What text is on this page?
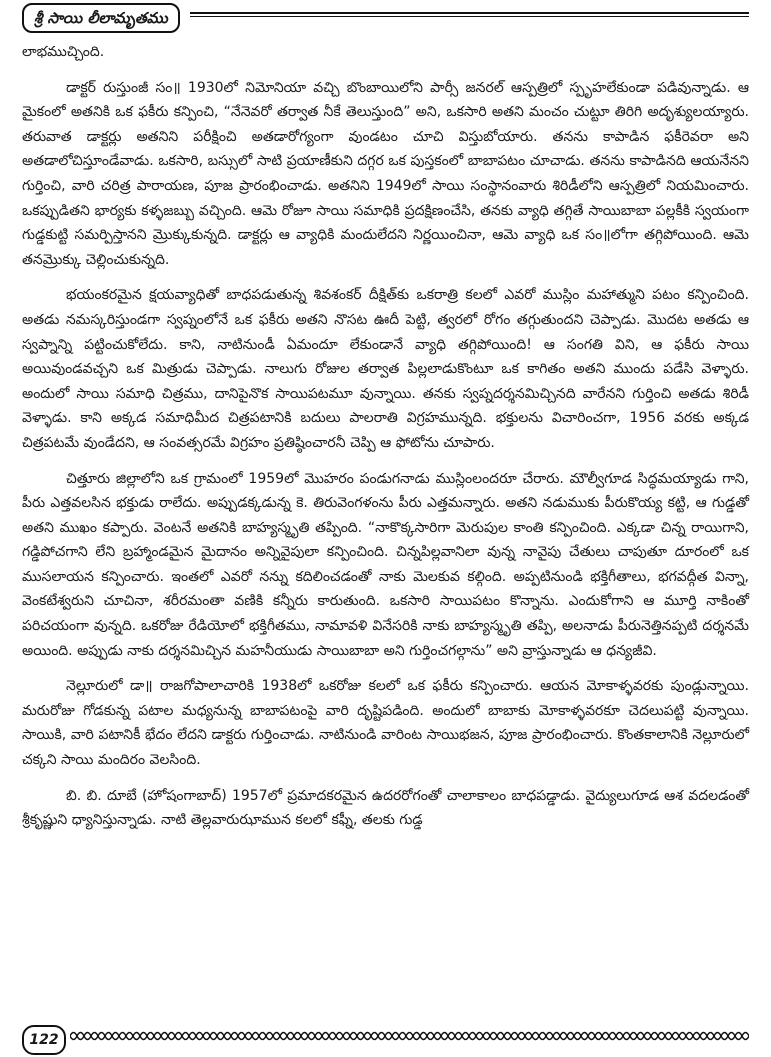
శ్రీ సాయి లీలామృతము

లాభముచ్చింది.

డాక్టర్ రుస్తుంజీ సం॥ 1930లో నిమోనియా వచ్చి బొంబాయిలోని పార్సీ జనరల్ ఆస్పత్రిలో స్పృహలేకుండా పడివున్నాడు. ఆ మైకంలో అతనికి ఒక ఫకీరు కన్పించి, “నేనెవరో తర్వాత నీకే తెలుస్తుంది” అని, ఒకసారి అతని మంచం చుట్టూ తిరిగి అదృశ్యులయ్యారు. తరువాత డాక్టర్లు అతనిని పరీక్షించి అతడారోగ్యంగా వుండటం చూచి విస్తుబోయారు. తనను కాపాడిన ఫకీరెవరా అని అతడాలోచిస్తూండేవాడు. ఒకసారి, బస్సులో సాటి ప్రయాణీకుని దగ్గర ఒక పుస్తకంలో బాబాపటం చూచాడు. తనను కాపాడినది ఆయనేనని గుర్తించి, వారి చరిత్ర పారాయణ, పూజ ప్రారంభించాడు. అతనిని 1949లో సాయి సంస్థానంవారు శిరిడీలోని ఆస్పత్రిలో నియమించారు. ఒకప్పుడితని భార్యకు కళ్ళజబ్బు వచ్చింది. ఆమె రోజూ సాయి సమాధికి ప్రదక్షిణంచేసి, తనకు వ్యాధి తగ్గితే సాయిబాబా పల్లకీకి స్వయంగా గుడ్డకుట్టి సమర్పిస్తానని మ్రొక్కుకున్నది. డాక్టర్లు ఆ వ్యాధికి మందులేదని నిర్ణయించినా, ఆమె వ్యాధి ఒక సం॥లోగా తగ్గిపోయింది. ఆమె తనమ్రొక్కు చెల్లించుకున్నది.

భయంకరమైన క్షయవ్యాధితో బాధపడుతున్న శివశంకర్ దీక్షిత్‌కు ఒకరాత్రి కలలో ఎవరో ముస్లిం మహాత్ముని పటం కన్పించింది. అతడు నమస్కరిస్తుండగా స్వప్నంలోనే ఒక ఫకీరు అతని నొసట ఊదీ పెట్టి, త్వరలో రోగం తగ్గుతుందని చెప్పాడు. మొదట అతడు ఆ స్వప్నాన్ని పట్టించుకోలేదు. కాని, నాటినుండీ ఏమందూ లేకుండానే వ్యాధి తగ్గిపోయింది! ఆ సంగతి విని, ఆ ఫకీరు సాయి అయివుండవచ్చని ఒక మిత్రుడు చెప్పాడు. నాలుగు రోజుల తర్వాత పిల్లలాడుకొంటూ ఒక కాగితం అతని ముందు పడేసి వెళ్ళారు. అందులో సాయి సమాధి చిత్రము, దానిపైనొక సాయిపటమూ వున్నాయి. తనకు స్వప్నదర్శనమిచ్చినది వారేనని గుర్తించి అతడు శిరిడీ వెళ్ళాడు. కాని అక్కడ సమాధిమీద చిత్రపటానికి బదులు పాలరాతి విగ్రహమున్నది. భక్తులను విచారించగా, 1956 వరకు అక్కడ చిత్రపటమే వుండేదని, ఆ సంవత్సరమే విగ్రహం ప్రతిష్ఠించారనీ చెప్పి ఆ ఫోటోను చూపారు.

చిత్తూరు జిల్లాలోని ఒక గ్రామంలో 1959లో మొహరం పండుగనాడు ముస్లింలందరూ చేరారు. మౌల్వీగూడ సిద్ధమయ్యాడు గాని, పీరు ఎత్తవలసిన భక్తుడు రాలేదు. అప్పుడక్కడున్న కె. తిరువెంగళంను పీరు ఎత్తమన్నారు. అతని నడుముకు పీరుకొయ్య కట్టి, ఆ గుడ్డతో అతని ముఖం కప్పారు. వెంటనే అతనికి బాహ్యస్మృతి తప్పింది. “నాకొక్కసారిగా మెరుపుల కాంతి కన్పించింది. ఎక్కడా చిన్న రాయిగాని, గడ్డిపోచగాని లేని బ్రహ్మాండమైన మైదానం అన్నివైపులా కన్పించింది. చిన్నపిల్లవానిలా వున్న నావైపు చేతులు చాపుతూ దూరంలో ఒక ముసలాయన కన్పించారు. ఇంతలో ఎవరో నన్ను కదిలించడంతో నాకు మెలకువ కల్గింది. అప్పటినుండి భక్తిగీతాలు, భగవద్గీత విన్నా, వెంకటేశ్వరుని చూచినా, శరీరమంతా వణికి కన్నీరు కారుతుంది. ఒకసారి సాయిపటం కొన్నాను. ఎందుకోగాని ఆ మూర్తి నాకింతో పరిచయంగా వున్నది. ఒకరోజు రేడియోలో భక్తిగీతము, నామావళి వినేసరికి నాకు బాహ్యస్మృతి తప్పి, అలనాడు పీరునెత్తినప్పటి దర్శనమే అయింది. అప్పుడు నాకు దర్శనమిచ్చిన మహనీయుడు సాయిబాబా అని గుర్తించగల్గాను” అని వ్రాస్తున్నాడు ఆ ధన్యజీవి.

నెల్లూరులో డా॥ రాజగోపాలాచారికి 1938లో ఒకరోజు కలలో ఒక ఫకీరు కన్పించారు. ఆయన మోకాళ్ళవరకు పుండ్లున్నాయి. మరురోజు గోడకున్న పటాల మధ్యనున్న బాబాపటంపై వారి దృష్టిపడింది. అందులో బాబాకు మోకాళ్ళవరకూ చెదలుపట్టి వున్నాయి. సాయికి, వారి పటానికీ భేదం లేదని డాక్టరు గుర్తించాడు. నాటినుండి వారింట సాయిభజన, పూజ ప్రారంభించారు. కొంతకాలానికి నెల్లూరులో చక్కని సాయి మందిరం వెలసింది.

బి. బి. దూబే (హోషంగాబాద్) 1957లో ప్రమాదకరమైన ఉదరరోగంతో చాలాకాలం బాధపడ్డాడు. వైద్యులుగూడ ఆశ వదలడంతో శ్రీకృష్ణుని ధ్యానిస్తున్నాడు. నాటి తెల్లవారుఝామున కలలో కఫ్నీ, తలకు గుడ్డ

122
